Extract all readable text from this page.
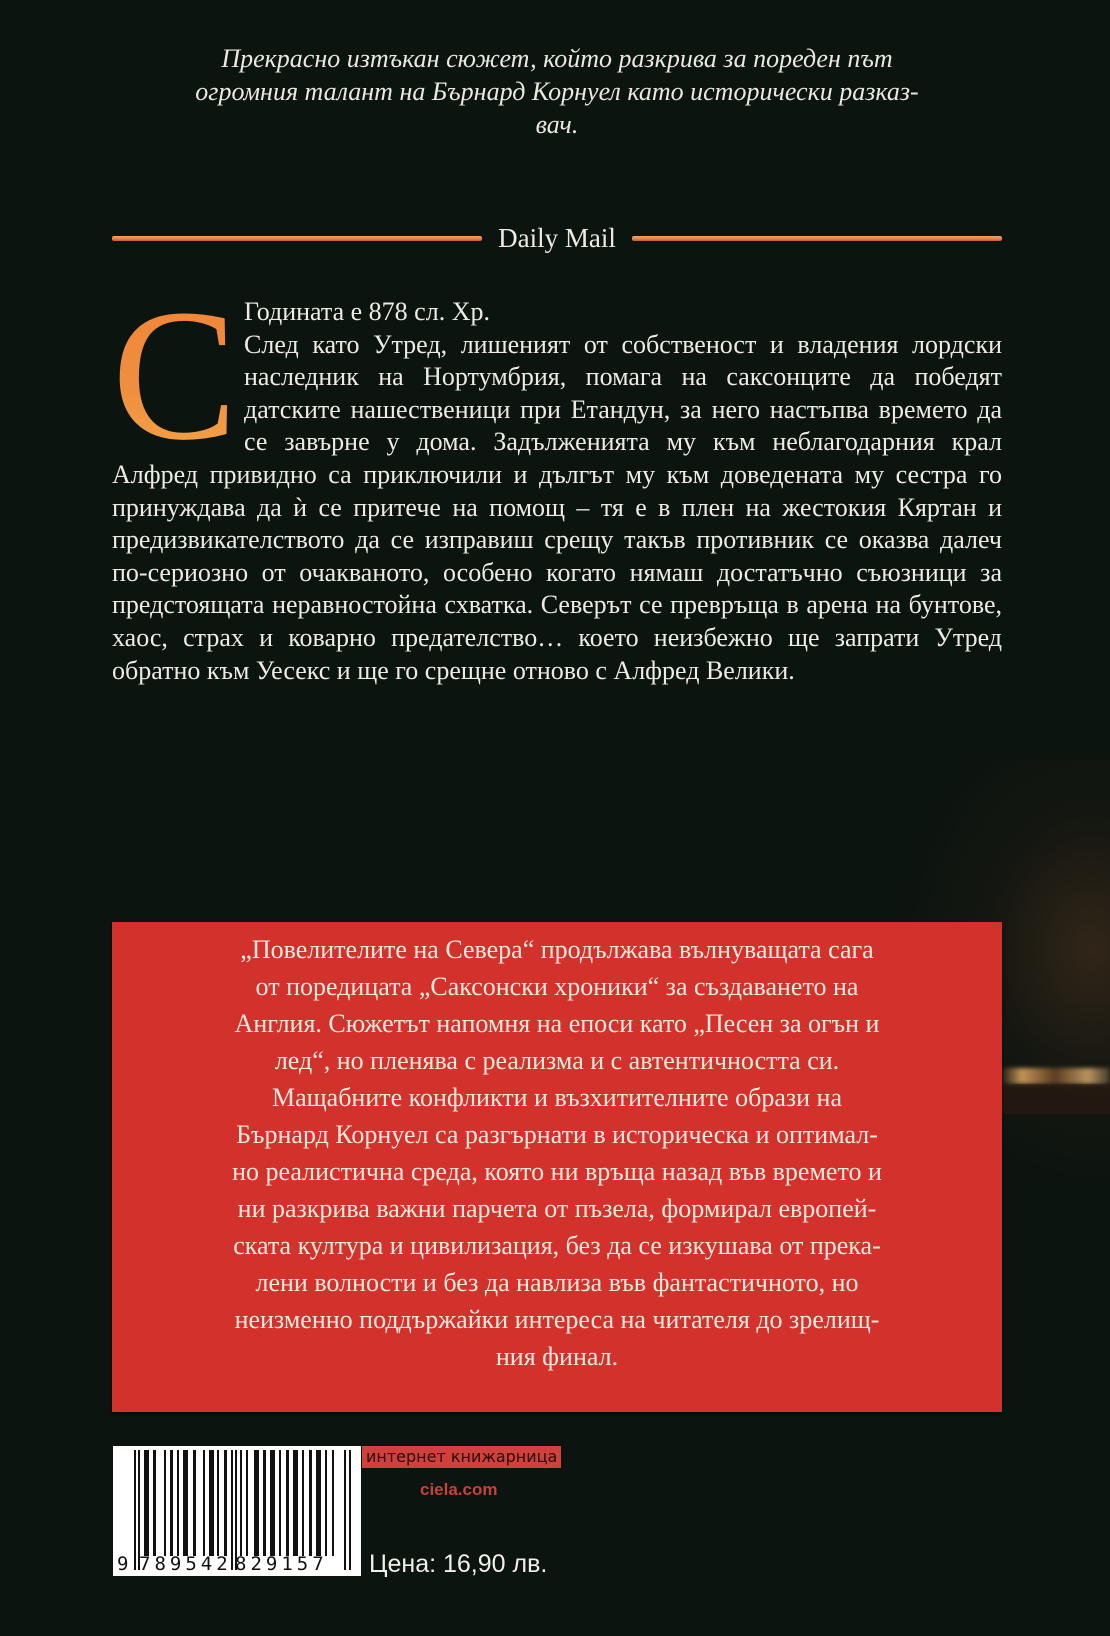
Прекрасно изтъкан сюжет, който разкрива за пореден път
огромния талант на Бърнард Корнуел като исторически разказ-
вач.
Daily Mail
С Годината е 878 сл. Хр.

След като Утред, лишеният от собственост и владения лордски наследник на Нортумбрия, помага на саксонците да победят датските нашественици при Етандун, за него настъпва времето да се завърне у дома. Задълженията му към неблагодарния крал Алфред привидно са приключили и дългът му към доведената му сестра го принуждава да ѝ се притече на помощ – тя е в плен на жестокия Кяртан и предизвикателството да се изправиш срещу такъв противник се оказва далеч по-сериозно от очакваното, особено когато нямаш достатъчно съюзници за предстоящата неравностойна схватка. Северът се превръща в арена на бунтове, хаос, страх и коварно предателство… което неизбежно ще запрати Утред обратно към Уесекс и ще го срещне отново с Алфред Велики.

„Повелителите на Севера“ продължава вълнуващата сага
от поредицата „Саксонски хроники“ за създаването на
Англия. Сюжетът напомня на епоси като „Песен за огън и
лед“, но пленява с реализма и с автентичността си.
Мащабните конфликти и възхитителните образи на
Бърнард Корнуел са разгърнати в историческа и оптимал-
но реалистична среда, която ни връща назад във времето и
ни разкрива важни парчета от пъзела, формирал европей-
ската култура и цивилизация, без да се изкушава от прека-
лени волности и без да навлиза във фантастичното, но
неизменно поддържайки интереса на читателя до зрелищ-
ния финал.
9 789542 829157
интернет книжарница
ciela.com
Цена: 16,90 лв.
